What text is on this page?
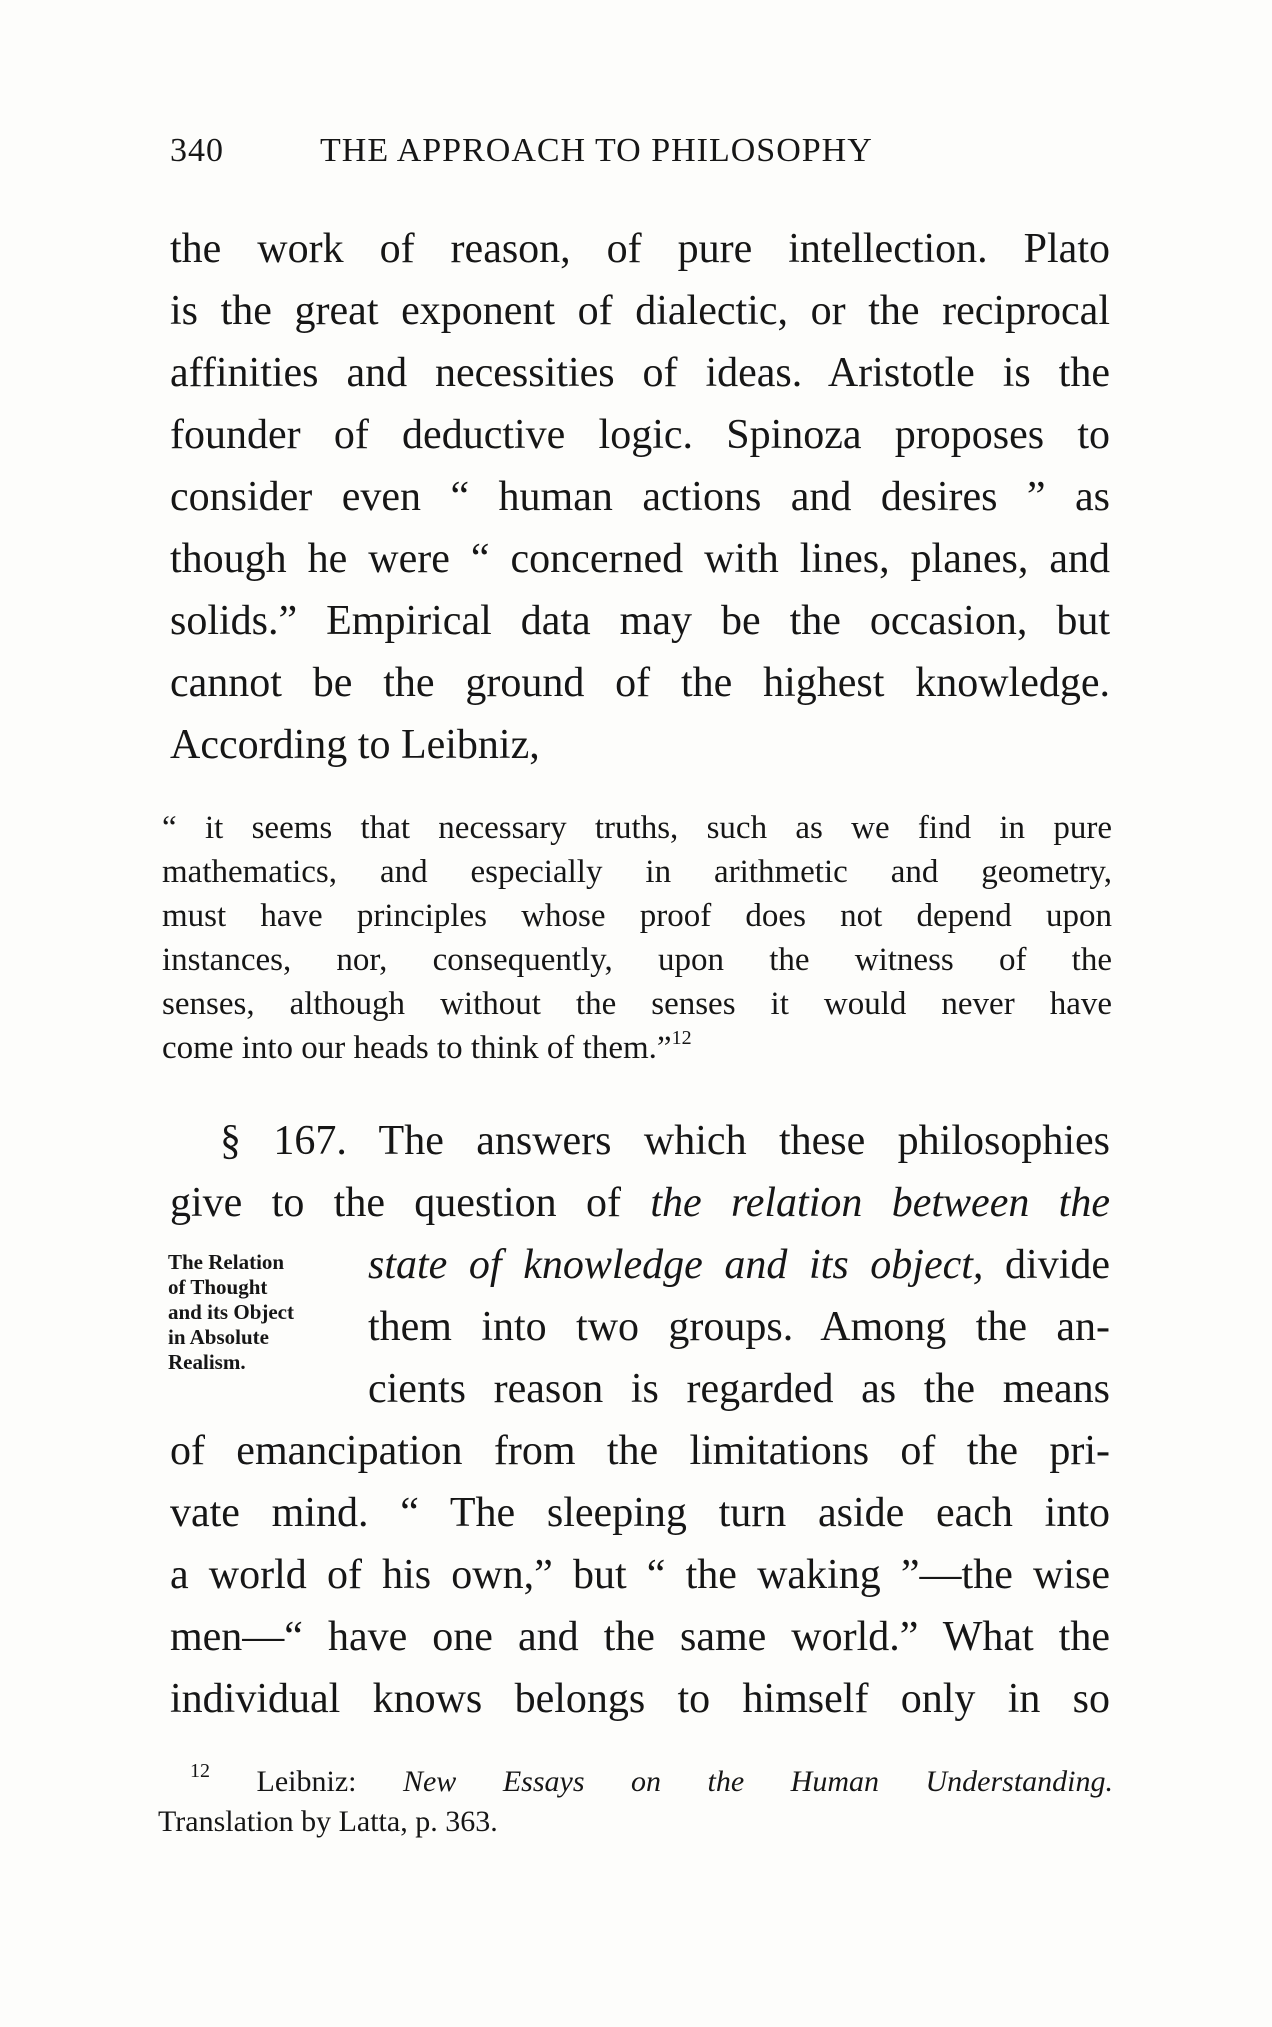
340	THE APPROACH TO PHILOSOPHY
the work of reason, of pure intellection. Plato
is the great exponent of dialectic, or the reciprocal
affinities and necessities of ideas. Aristotle is the
founder of deductive logic. Spinoza proposes to
consider even “ human actions and desires ” as
though he were “ concerned with lines, planes, and
solids.” Empirical data may be the occasion, but
cannot be the ground of the highest knowledge.
According to Leibniz,
“ it seems that necessary truths, such as we find in pure
mathematics, and especially in arithmetic and geometry,
must have principles whose proof does not depend upon
instances, nor, consequently, upon the witness of the
senses, although without the senses it would never have
come into our heads to think of them.”$^{12}$
§ 167. The answers which these philosophies
give to the question of the relation between the
state of knowledge and its object, divide
them into two groups. Among the an-
cients reason is regarded as the means
of emancipation from the limitations of the pri-
vate mind. “ The sleeping turn aside each into
a world of his own,” but “ the waking ”—the wise
men—“ have one and the same world.” What the
individual knows belongs to himself only in so
The Relation
of Thought
and its Object
in Absolute
Realism.
$^{12}$ Leibniz: New Essays on the Human Understanding.
Translation by Latta, p. 363.
